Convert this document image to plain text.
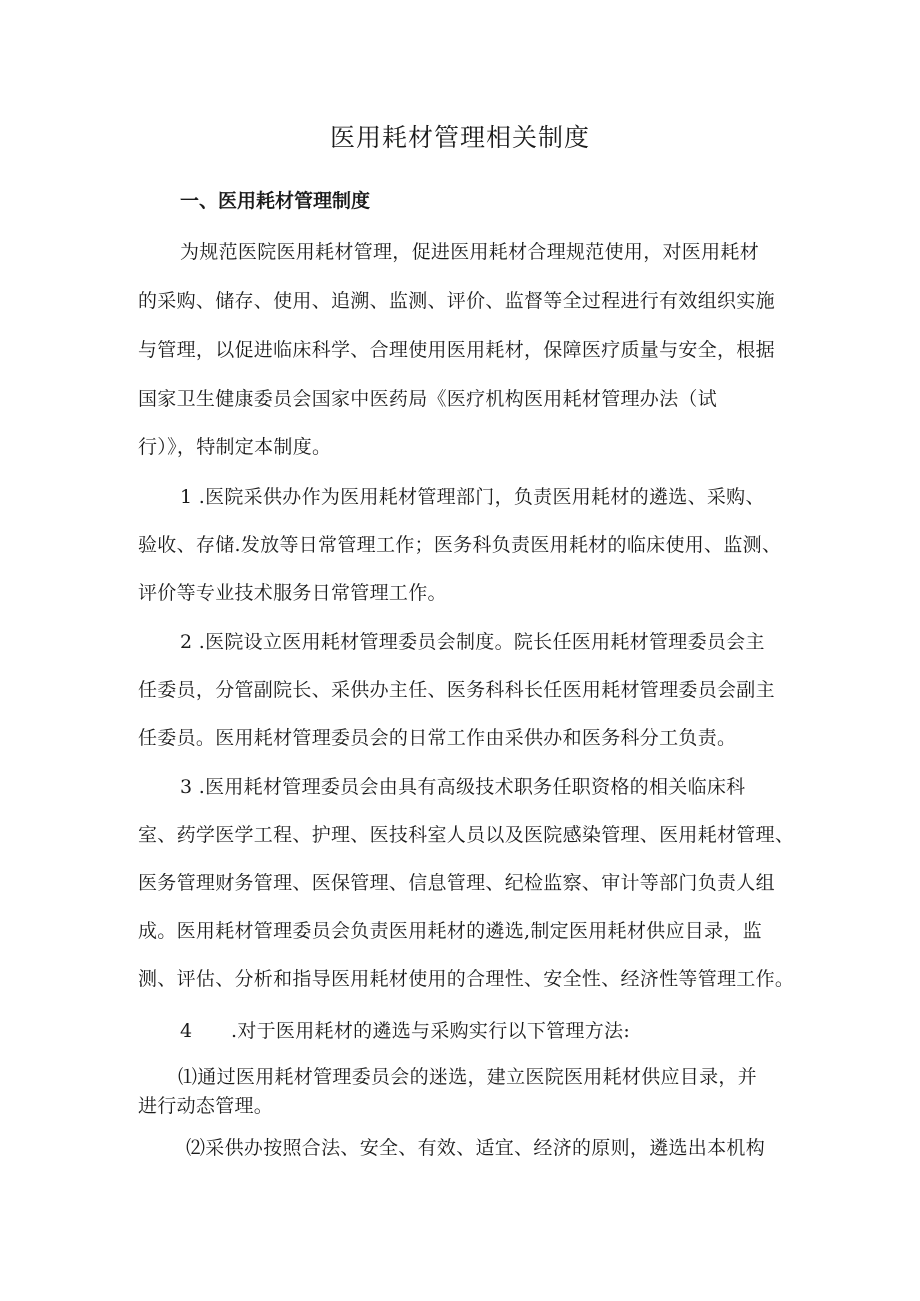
医用耗材管理相关制度
一、医用耗材管理制度

为规范医院医用耗材管理，促进医用耗材合理规范使用，对医用耗材

的采购、储存、使用、追溯、监测、评价、监督等全过程进行有效组织实施

与管理，以促进临床科学、合理使用医用耗材，保障医疗质量与安全，根据

国家卫生健康委员会国家中医药局《医疗机构医用耗材管理办法（试

行）》，特制定本制度。

1 .医院采供办作为医用耗材管理部门，负责医用耗材的遴选、采购、

验收、存储.发放等日常管理工作；医务科负责医用耗材的临床使用、监测、

评价等专业技术服务日常管理工作。

2 .医院设立医用耗材管理委员会制度。院长任医用耗材管理委员会主

任委员，分管副院长、采供办主任、医务科科长任医用耗材管理委员会副主

任委员。医用耗材管理委员会的日常工作由采供办和医务科分工负责。

3 .医用耗材管理委员会由具有高级技术职务任职资格的相关临床科

室、药学医学工程、护理、医技科室人员以及医院感染管理、医用耗材管理、

医务管理财务管理、医保管理、信息管理、纪检监察、审计等部门负责人组

成。医用耗材管理委员会负责医用耗材的遴选,制定医用耗材供应目录，监

测、评估、分析和指导医用耗材使用的合理性、安全性、经济性等管理工作。

4　　.对于医用耗材的遴选与采购实行以下管理方法:

⑴通过医用耗材管理委员会的迷选，建立医院医用耗材供应目录，并

进行动态管理。

⑵采供办按照合法、安全、有效、适宜、经济的原则，遴选出本机构
